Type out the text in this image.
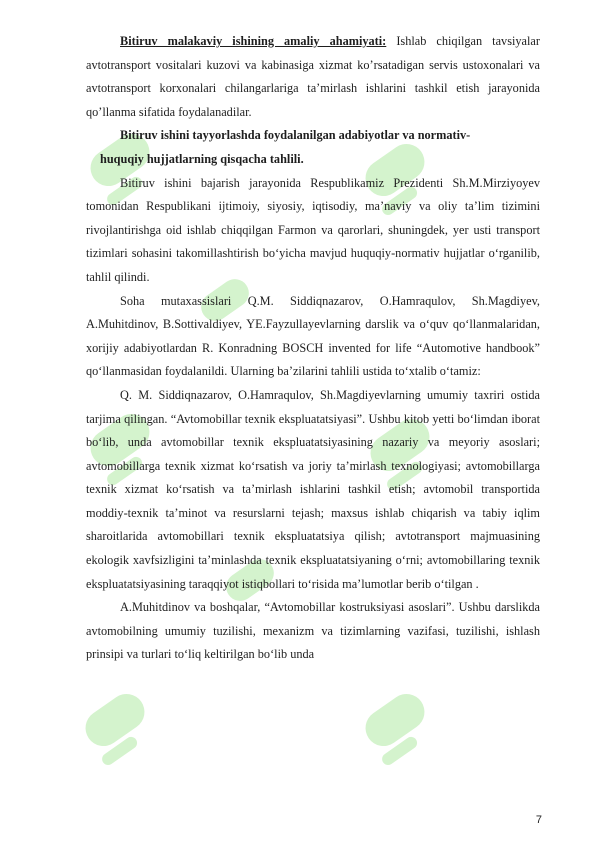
Bitiruv malakaviy ishining amaliy ahamiyati: Ishlab chiqilgan tavsiyalar avtotransport vositalari kuzovi va kabinasiga xizmat ko’rsatadigan servis ustoxonalari va avtotransport korxonalari chilangarlariga ta’mirlash ishlarini tashkil etish jarayonida qo’llanma sifatida foydalanadilar.

Bitiruv ishini tayyorlashda foydalanilgan adabiyotlar va normativ-
huquqiy hujjatlarning qisqacha tahlili.

Bitiruv ishini bajarish jarayonida Respublikamiz Prezidenti Sh.M.Mirziyoyev tomonidan Respublikani ijtimoiy, siyosiy, iqtisodiy, ma’naviy va oliy ta’lim tizimini rivojlantirishga oid ishlab chiqqilgan Farmon va qarorlari, shuningdek, yer usti transport tizimlari sohasini takomillashtirish bo‘yicha mavjud huquqiy-normativ hujjatlar o‘rganilib, tahlil qilindi.

Soha mutaxassislari Q.M. Siddiqnazarov, O.Hamraqulov, Sh.Magdiyev, A.Muhitdinov, B.Sottivaldiyev, YE.Fayzullayevlarning darslik va o‘quv qo‘llanmalaridan, xorijiy adabiyotlardan R. Konradning BOSCH invented for life “Automotive handbook” qo‘llanmasidan foydalanildi. Ularning ba’zilarini tahlili ustida to‘xtalib o‘tamiz:

Q. M. Siddiqnazarov, O.Hamraqulov, Sh.Magdiyevlarning umumiy taxriri ostida tarjima qilingan. “Avtomobillar texnik ekspluatatsiyasi”. Ushbu kitob yetti bo‘limdan iborat bo‘lib, unda avtomobillar texnik ekspluatatsiyasining nazariy va meyoriy asoslari; avtomobillarga texnik xizmat ko‘rsatish va joriy ta’mirlash texnologiyasi; avtomobillarga texnik xizmat ko‘rsatish va ta’mirlash ishlarini tashkil etish; avtomobil transportida moddiy-texnik ta’minot va resurslarni tejash; maxsus ishlab chiqarish va tabiy iqlim sharoitlarida avtomobillari texnik ekspluatatsiya qilish; avtotransport majmuasining ekologik xavfsizligini ta’minlashda texnik ekspluatatsiyaning o‘rni; avtomobillaring texnik ekspluatatsiyasining taraqqiyot istiqbollari to‘risida ma’lumotlar berib o‘tilgan .

A.Muhitdinov va boshqalar, “Avtomobillar kostruksiyasi asoslari”. Ushbu darslikda avtomobilning umumiy tuzilishi, mexanizm va tizimlarning vazifasi, tuzilishi, ishlash prinsipi va turlari to‘liq keltirilgan bo‘lib unda

7
